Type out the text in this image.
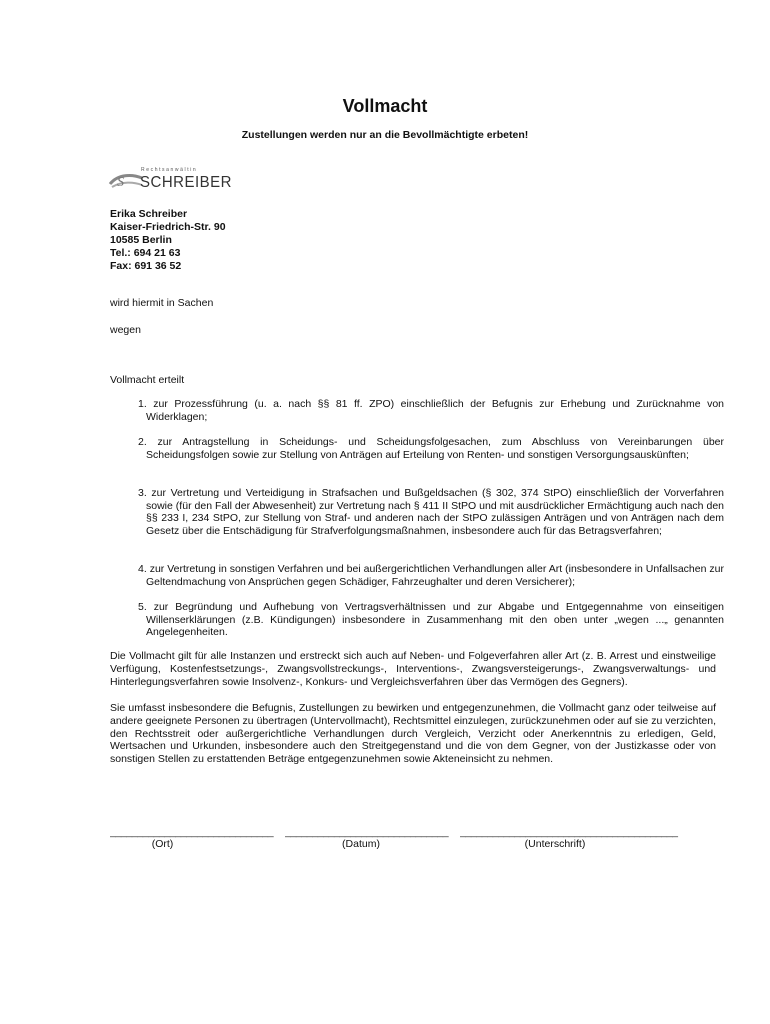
Vollmacht
Zustellungen werden nur an die Bevollmächtigte erbeten!
S
Rechtsanwältin
SCHREIBER
Erika Schreiber
Kaiser-Friedrich-Str. 90
10585 Berlin
Tel.: 694 21 63
Fax: 691 36 52
wird hiermit in Sachen
wegen
Vollmacht erteilt
1. zur Prozessführung (u. a. nach §§ 81 ff. ZPO) einschließlich der Befugnis zur Erhebung und Zurücknahme von Widerklagen;
2. zur Antragstellung in Scheidungs- und Scheidungsfolgesachen, zum Abschluss von Vereinbarungen über Scheidungsfolgen sowie zur Stellung von Anträgen auf Erteilung von Renten- und sonstigen Versorgungsauskünften;
3. zur Vertretung und Verteidigung in Strafsachen und Bußgeldsachen (§ 302, 374 StPO) einschließlich der Vorverfahren sowie (für den Fall der Abwesenheit) zur Vertretung nach § 411 II StPO und mit ausdrücklicher Ermächtigung auch nach den §§ 233 I, 234 StPO, zur Stellung von Straf- und anderen nach der StPO zulässigen Anträgen und von Anträgen nach dem Gesetz über die Entschädigung für Strafverfolgungsmaßnahmen, insbesondere auch für das Betragsverfahren;
4. zur Vertretung in sonstigen Verfahren und bei außergerichtlichen Verhandlungen aller Art (insbesondere in Unfallsachen zur Geltendmachung von Ansprüchen gegen Schädiger, Fahrzeughalter und deren Versicherer);
5. zur Begründung und Aufhebung von Vertragsverhältnissen und zur Abgabe und Entgegennahme von einseitigen Willenserklärungen (z.B. Kündigungen) insbesondere in Zusammenhang mit den oben unter „wegen ...„ genannten Angelegenheiten.
Die Vollmacht gilt für alle Instanzen und erstreckt sich auch auf Neben- und Folgeverfahren aller Art (z. B. Arrest und einstweilige Verfügung, Kostenfestsetzungs-, Zwangsvollstreckungs-, Interventions-, Zwangsversteigerungs-, Zwangsverwaltungs- und Hinterlegungsverfahren sowie Insolvenz-, Konkurs- und Vergleichsverfahren über das Vermögen des Gegners).
Sie umfasst insbesondere die Befugnis, Zustellungen zu bewirken und entgegenzunehmen, die Vollmacht ganz oder teilweise auf andere geeignete Personen zu übertragen (Untervollmacht), Rechtsmittel einzulegen, zurückzunehmen oder auf sie zu verzichten, den Rechtsstreit oder außergerichtliche Verhandlungen durch Vergleich, Verzicht oder Anerkenntnis zu erledigen, Geld, Wertsachen und Urkunden, insbesondere auch den Streitgegenstand und die von dem Gegner, von der Justizkasse oder von sonstigen Stellen zu erstattenden Beträge entgegenzunehmen sowie Akteneinsicht zu nehmen.
______________________________	______________________________	________________________________________
(Ort)	(Datum)	(Unterschrift)
